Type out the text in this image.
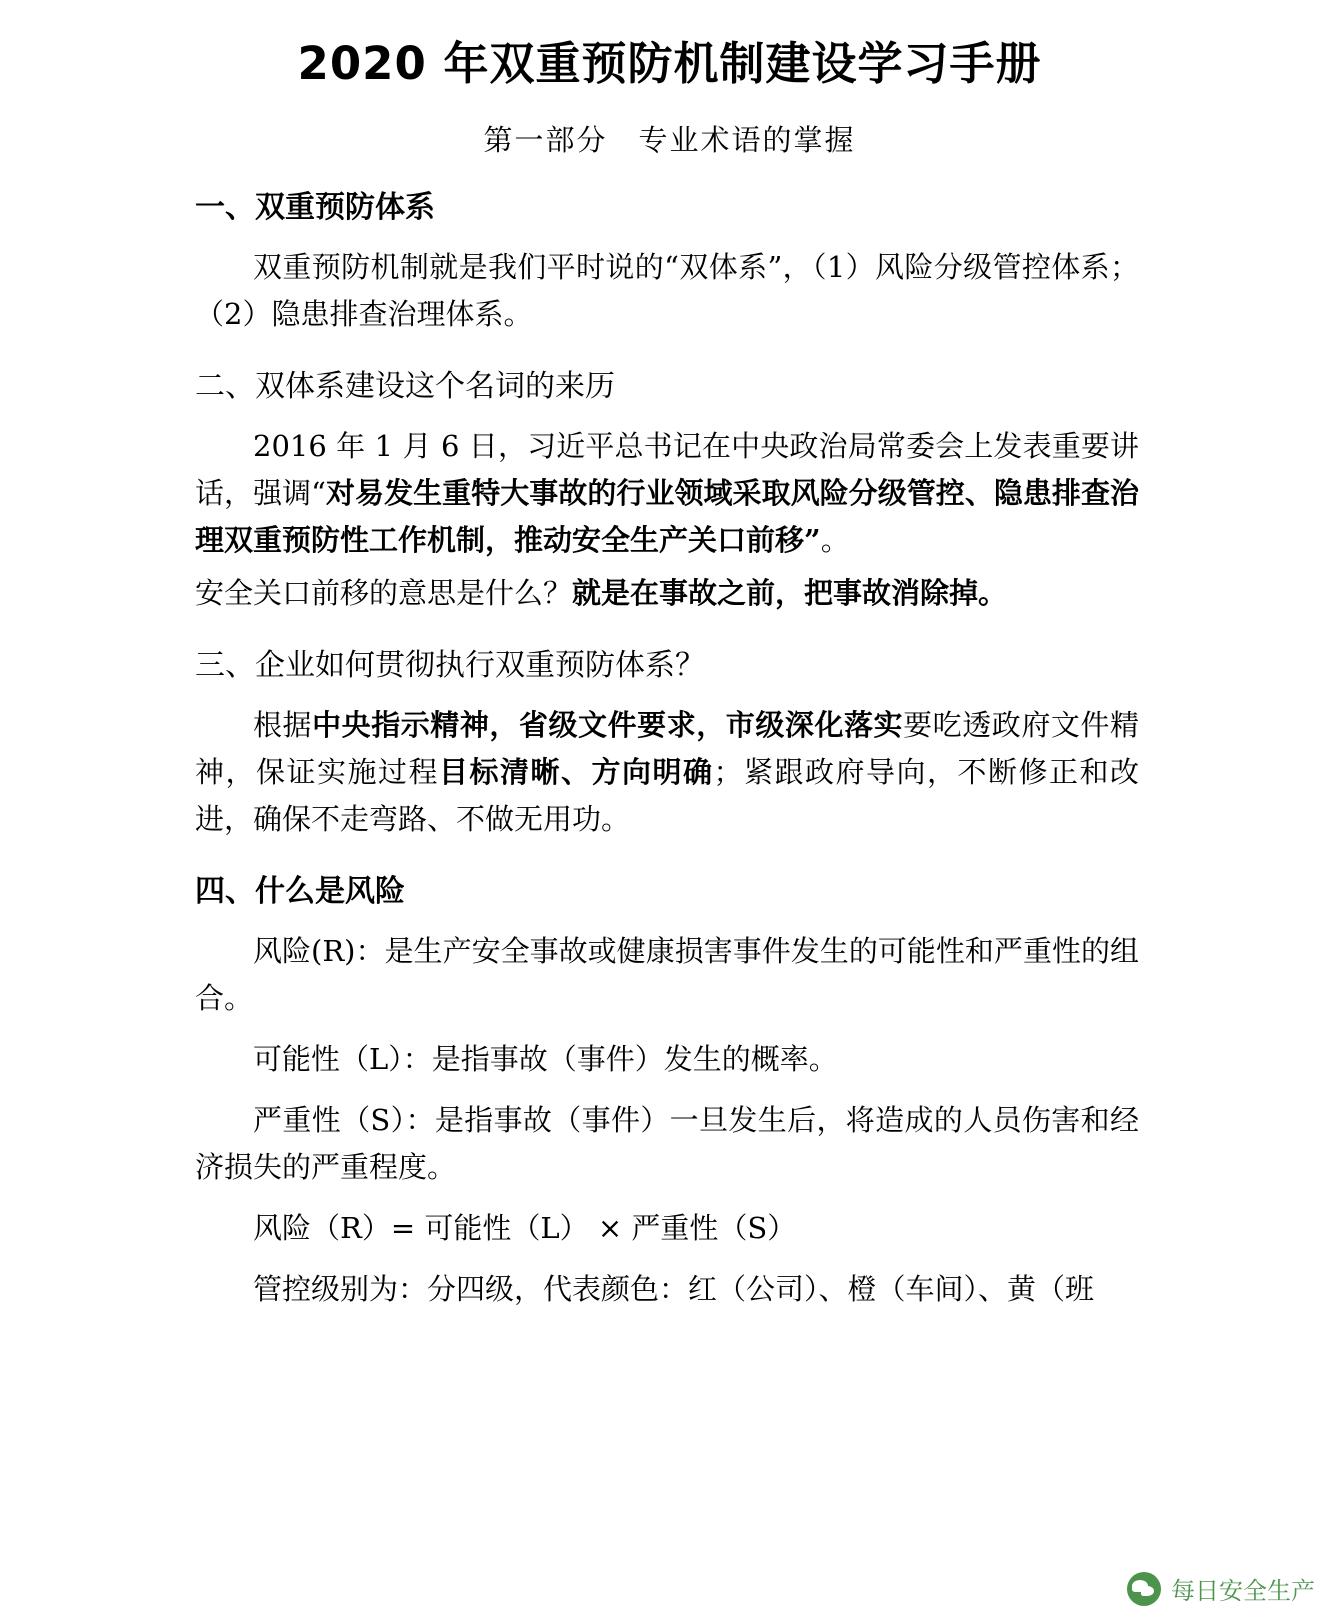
2020 年双重预防机制建设学习手册
第一部分　专业术语的掌握
一、双重预防体系

双重预防机制就是我们平时说的“双体系”，（1）风险分级管控体系；（2）隐患排查治理体系。

二、双体系建设这个名词的来历

2016 年 1 月 6 日，习近平总书记在中央政治局常委会上发表重要讲话，强调“对易发生重特大事故的行业领域采取风险分级管控、隐患排查治理双重预防性工作机制，推动安全生产关口前移”。

安全关口前移的意思是什么？就是在事故之前，把事故消除掉。

三、企业如何贯彻执行双重预防体系？

根据中央指示精神，省级文件要求，市级深化落实要吃透政府文件精神，保证实施过程目标清晰、方向明确；紧跟政府导向，不断修正和改进，确保不走弯路、不做无用功。

四、什么是风险

风险(R)：是生产安全事故或健康损害事件发生的可能性和严重性的组合。

可能性（L）：是指事故（事件）发生的概率。

严重性（S）：是指事故（事件）一旦发生后，将造成的人员伤害和经济损失的严重程度。

风险（R）= 可能性（L） × 严重性（S）

管控级别为：分四级，代表颜色：红（公司）、橙（车间）、黄（班

每日安全生产
